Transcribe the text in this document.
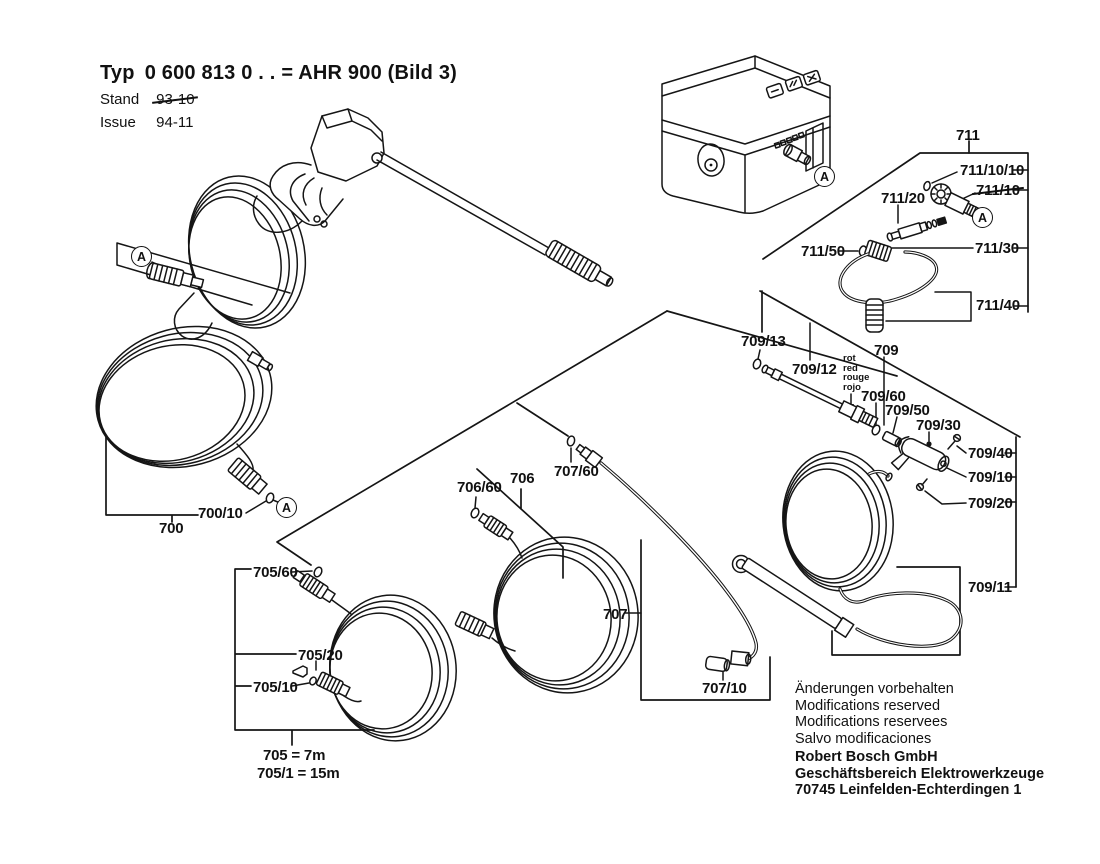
Typ 0 600 813 0 . . = AHR 900 (Bild 3)
Stand 93-10
Issue 94-11
Änderungen vorbehalten
Modifications reserved
Modifications reservees
Salvo modificaciones
Robert Bosch GmbH
Geschäftsbereich Elektrowerkzeuge
70745 Leinfelden-Echterdingen 1
711
711/10/10
711/10
711/20
711/50	711/30
711/40
709/13
709/12
709
rot
red
rouge
rojo
709/60
709/50
709/30
709/40
709/10
709/20
709/11
707/60
706/60
706
707
707/10
700/10
700
705/60
705/20
705/10
705 = 7m
705/1 = 15m
A
A
A
A
